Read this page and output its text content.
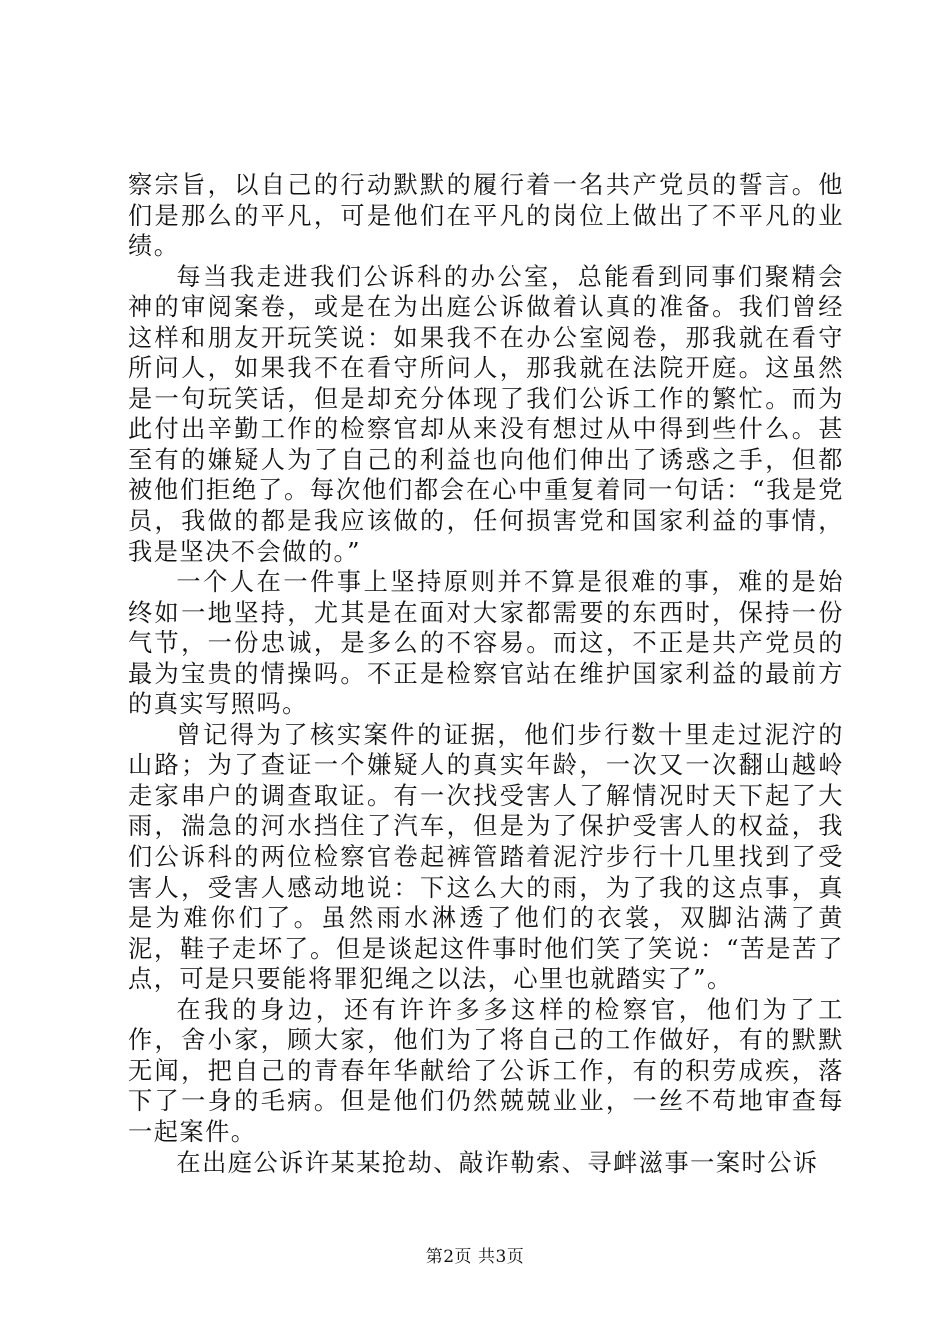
察宗旨，以自己的行动默默的履行着一名共产党员的誓言。他们是那么的平凡，可是他们在平凡的岗位上做出了不平凡的业绩。

每当我走进我们公诉科的办公室，总能看到同事们聚精会神的审阅案卷，或是在为出庭公诉做着认真的准备。我们曾经这样和朋友开玩笑说：如果我不在办公室阅卷，那我就在看守所问人，如果我不在看守所问人，那我就在法院开庭。这虽然是一句玩笑话，但是却充分体现了我们公诉工作的繁忙。而为此付出辛勤工作的检察官却从来没有想过从中得到些什么。甚至有的嫌疑人为了自己的利益也向他们伸出了诱惑之手，但都被他们拒绝了。每次他们都会在心中重复着同一句话：“我是党员，我做的都是我应该做的，任何损害党和国家利益的事情，我是坚决不会做的。”

一个人在一件事上坚持原则并不算是很难的事，难的是始终如一地坚持，尤其是在面对大家都需要的东西时，保持一份气节，一份忠诚，是多么的不容易。而这，不正是共产党员的最为宝贵的情操吗。不正是检察官站在维护国家利益的最前方的真实写照吗。

曾记得为了核实案件的证据，他们步行数十里走过泥泞的山路；为了查证一个嫌疑人的真实年龄，一次又一次翻山越岭走家串户的调查取证。有一次找受害人了解情况时天下起了大雨，湍急的河水挡住了汽车，但是为了保护受害人的权益，我们公诉科的两位检察官卷起裤管踏着泥泞步行十几里找到了受害人，受害人感动地说：下这么大的雨，为了我的这点事，真是为难你们了。虽然雨水淋透了他们的衣裳，双脚沾满了黄泥，鞋子走坏了。但是谈起这件事时他们笑了笑说：“苦是苦了点，可是只要能将罪犯绳之以法，心里也就踏实了”。

在我的身边，还有许许多多这样的检察官，他们为了工作，舍小家，顾大家，他们为了将自己的工作做好，有的默默无闻，把自己的青春年华献给了公诉工作，有的积劳成疾，落下了一身的毛病。但是他们仍然兢兢业业，一丝不苟地审查每一起案件。

在出庭公诉许某某抢劫、敲诈勒索、寻衅滋事一案时公诉

第2页 共3页
